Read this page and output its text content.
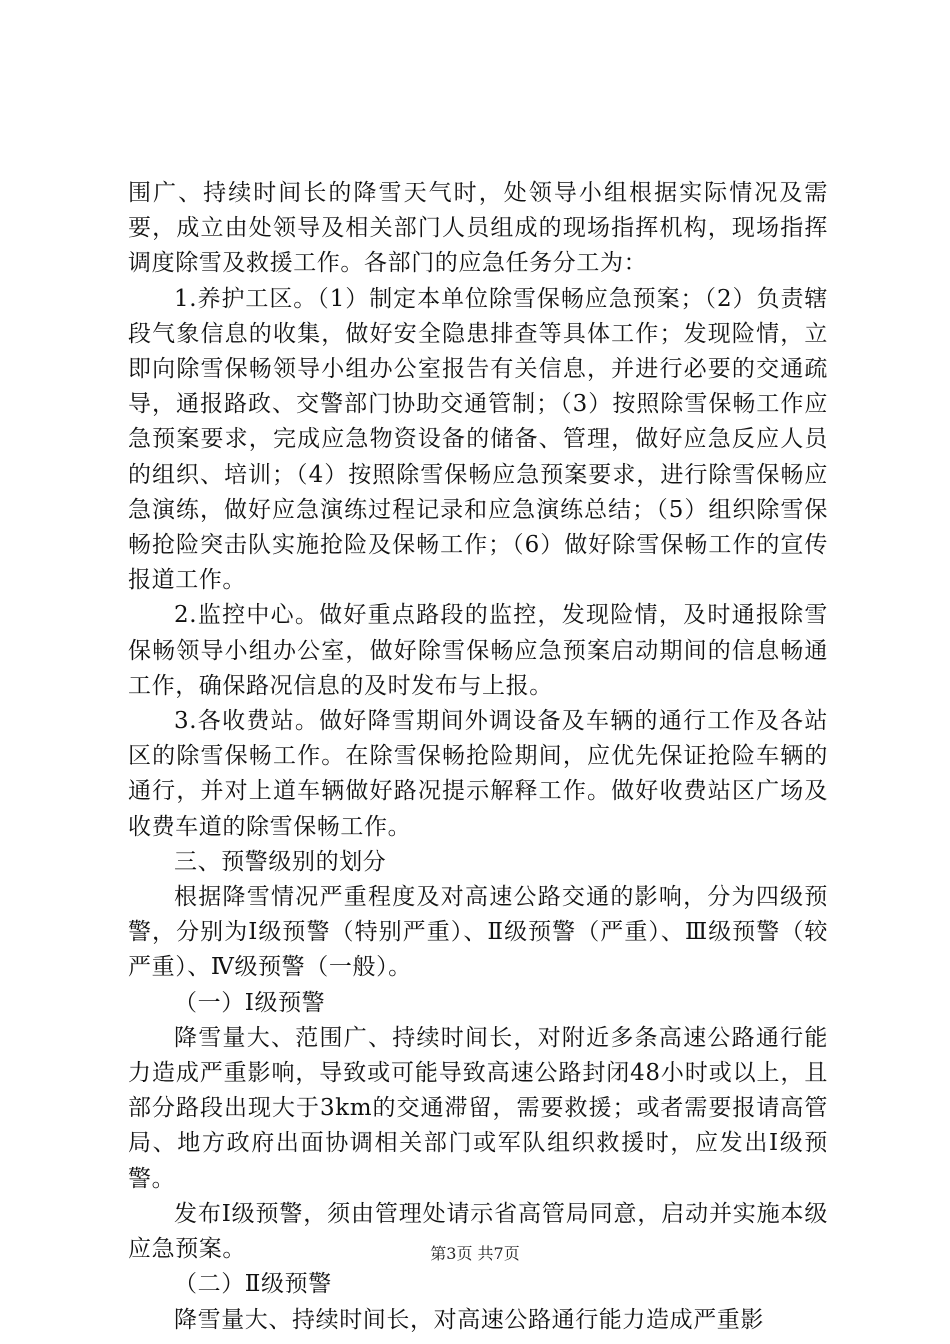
围广、持续时间长的降雪天气时，处领导小组根据实际情况及需要，成立由处领导及相关部门人员组成的现场指挥机构，现场指挥调度除雪及救援工作。各部门的应急任务分工为：

1.养护工区。（1）制定本单位除雪保畅应急预案；（2）负责辖段气象信息的收集，做好安全隐患排查等具体工作；发现险情，立即向除雪保畅领导小组办公室报告有关信息，并进行必要的交通疏导，通报路政、交警部门协助交通管制；（3）按照除雪保畅工作应急预案要求，完成应急物资设备的储备、管理，做好应急反应人员的组织、培训；（4）按照除雪保畅应急预案要求，进行除雪保畅应急演练，做好应急演练过程记录和应急演练总结；（5）组织除雪保畅抢险突击队实施抢险及保畅工作；（6）做好除雪保畅工作的宣传报道工作。

2.监控中心。做好重点路段的监控，发现险情，及时通报除雪保畅领导小组办公室，做好除雪保畅应急预案启动期间的信息畅通工作，确保路况信息的及时发布与上报。

3.各收费站。做好降雪期间外调设备及车辆的通行工作及各站区的除雪保畅工作。在除雪保畅抢险期间，应优先保证抢险车辆的通行，并对上道车辆做好路况提示解释工作。做好收费站区广场及收费车道的除雪保畅工作。

三、预警级别的划分

根据降雪情况严重程度及对高速公路交通的影响，分为四级预警，分别为Ⅰ级预警（特别严重）、Ⅱ级预警（严重）、Ⅲ级预警（较严重）、Ⅳ级预警（一般）。

（一）Ⅰ级预警

降雪量大、范围广、持续时间长，对附近多条高速公路通行能力造成严重影响，导致或可能导致高速公路封闭48小时或以上，且部分路段出现大于3km的交通滞留，需要救援；或者需要报请高管局、地方政府出面协调相关部门或军队组织救援时，应发出Ⅰ级预警。

发布Ⅰ级预警，须由管理处请示省高管局同意，启动并实施本级应急预案。

（二）Ⅱ级预警

降雪量大、持续时间长，对高速公路通行能力造成严重影

第3页 共7页
